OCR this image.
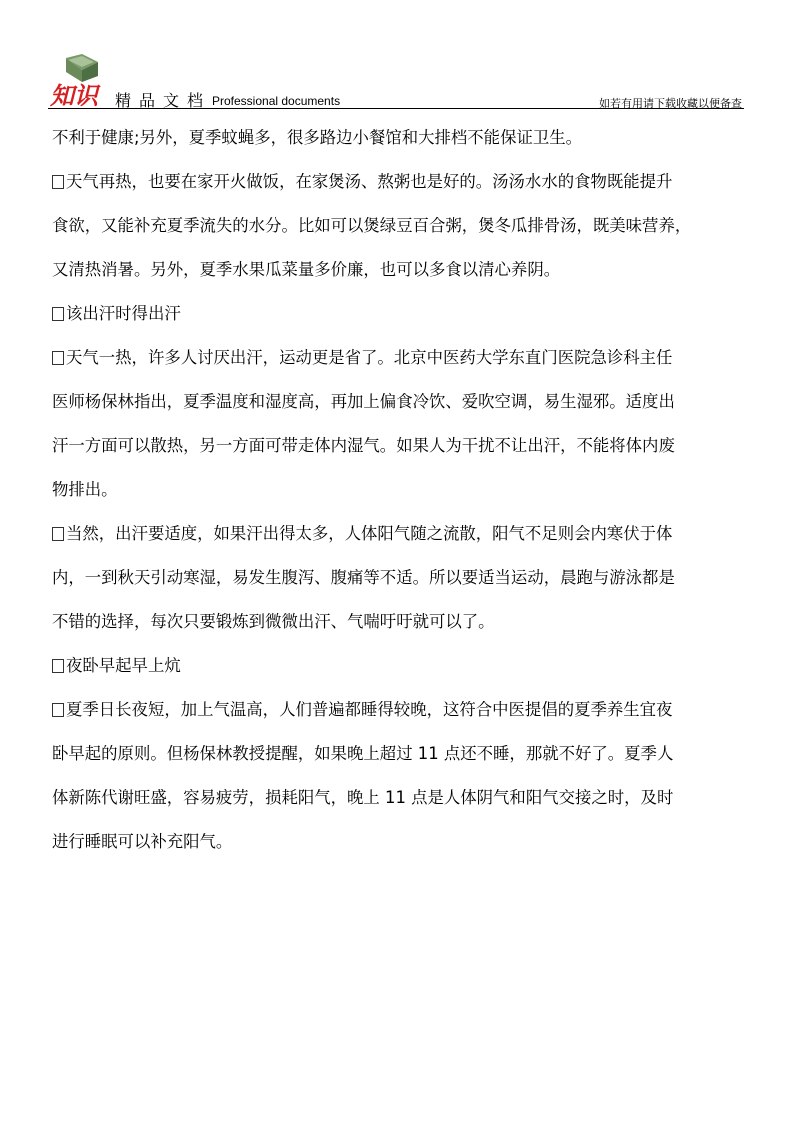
知识 精品文档 Professional documents	如若有用请下载收藏以便备查
不利于健康;另外，夏季蚊蝇多，很多路边小餐馆和大排档不能保证卫生。
天气再热，也要在家开火做饭，在家煲汤、熬粥也是好的。汤汤水水的食物既能提升
食欲，又能补充夏季流失的水分。比如可以煲绿豆百合粥，煲冬瓜排骨汤，既美味营养，
又清热消暑。另外，夏季水果瓜菜量多价廉，也可以多食以清心养阴。
该出汗时得出汗
天气一热，许多人讨厌出汗，运动更是省了。北京中医药大学东直门医院急诊科主任
医师杨保林指出，夏季温度和湿度高，再加上偏食冷饮、爱吹空调，易生湿邪。适度出
汗一方面可以散热，另一方面可带走体内湿气。如果人为干扰不让出汗，不能将体内废
物排出。
当然，出汗要适度，如果汗出得太多，人体阳气随之流散，阳气不足则会内寒伏于体
内，一到秋天引动寒湿，易发生腹泻、腹痛等不适。所以要适当运动，晨跑与游泳都是
不错的选择，每次只要锻炼到微微出汗、气喘吁吁就可以了。
夜卧早起早上炕
夏季日长夜短，加上气温高，人们普遍都睡得较晚，这符合中医提倡的夏季养生宜夜
卧早起的原则。但杨保林教授提醒，如果晚上超过 11 点还不睡，那就不好了。夏季人
体新陈代谢旺盛，容易疲劳，损耗阳气，晚上 11 点是人体阴气和阳气交接之时，及时
进行睡眠可以补充阳气。
